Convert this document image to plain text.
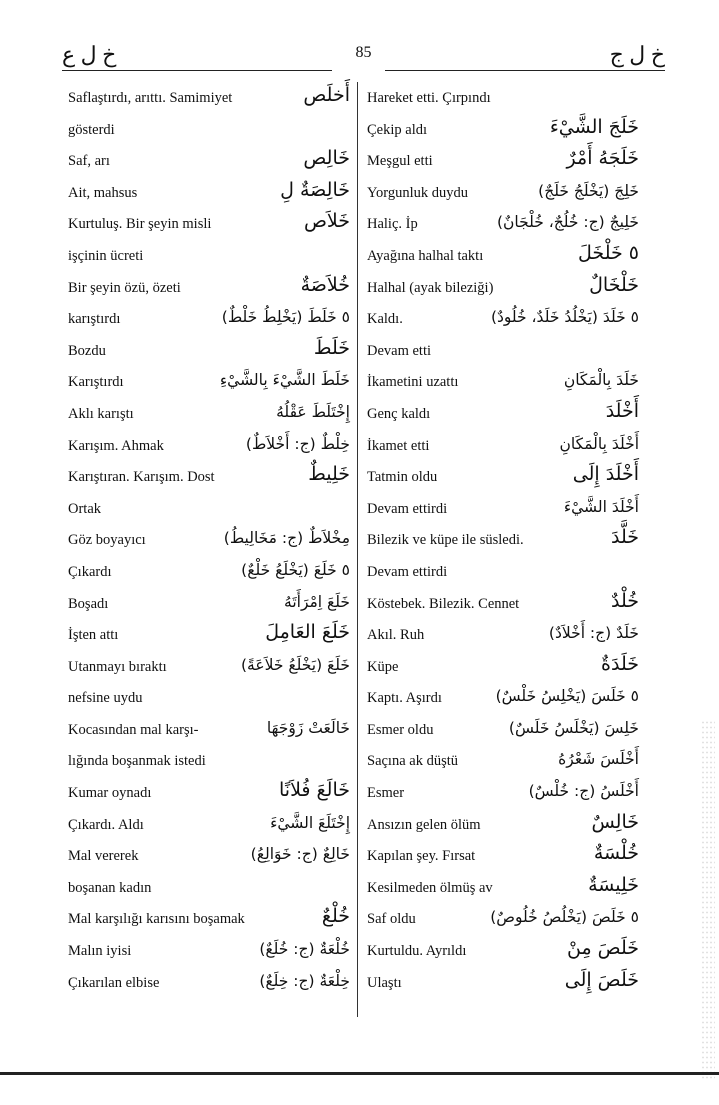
خ ل ع	85	خ ل ج
Saflaştırdı, arıttı. Samimiyet	أَخلَص
gösterdi
Saf, arı	خَالِص
Ait, mahsus	خَالِصَةٌ لِ
Kurtuluş. Bir şeyin misli	خَلاَص
işçinin ücreti
Bir şeyin özü, özeti	خُلاَصَةٌ
karıştırdı	٥ خَلَطَ (يَخْلِطُ خَلْطٌ)
Bozdu	خَلَطَ
Karıştırdı	خَلَطَ الشَّيْءَ بِالشَّيْءِ
Aklı karıştı	إِخْتَلَطَ عَقْلُهُ
Karışım. Ahmak	خِلْطٌ (ج: أَخْلاَطٌ)
Karıştıran. Karışım. Dost	خَلِيطٌ
Ortak
Göz boyayıcı	مِخْلاَطٌ (ج: مَخَالِيطُ)
Çıkardı	٥ خَلَعَ (يَخْلَعُ خَلْعٌ)
Boşadı	خَلَعَ اِمْرَأَتَهُ
İşten attı	خَلَعَ العَامِلَ
Utanmayı bıraktı	خَلَعَ (يَخْلَعُ خَلاَعَةً)
nefsine uydu
Kocasından mal karşı-	خَالَعَتْ زَوْجَهَا
lığında boşanmak istedi
Kumar oynadı	خَالَعَ فُلاَنًا
Çıkardı. Aldı	إِخْتَلَعَ الشَّيْءَ
Mal vererek	خَالِعٌ (ج: خَوَالِعُ)
boşanan kadın
Mal karşılığı karısını boşamak	خُلْعٌ
Malın iyisi	خُلْعَةٌ (ج: خُلَعٌ)
Çıkarılan elbise	خِلْعَةٌ (ج: خِلَعٌ)
Hareket etti. Çırpındı
Çekip aldı	خَلَجَ الشَّيْءَ
Meşgul etti	خَلَجَهُ أَمْرٌ
Yorgunluk duydu	خَلِجَ (يَخْلَجُ خَلَجٌ)
Haliç. İp	خَلِيجٌ (ج: خُلُجٌ، خُلْجَانٌ)
Ayağına halhal taktı	٥ خَلْخَلَ
Halhal (ayak bileziği)	خَلْخَالٌ
Kaldı.	٥ خَلَدَ (يَخْلُدُ خَلَدٌ، خُلُودٌ)
Devam etti
İkametini uzattı	خَلَدَ بِالْمَكَانِ
Genç kaldı	أَخْلَدَ
İkamet etti	أَخْلَدَ بِالْمَكَانِ
Tatmin oldu	أَخْلَدَ إِلَى
Devam ettirdi	أَخْلَدَ الشَّيْءَ
Bilezik ve küpe ile süsledi.	خَلَّدَ
Devam ettirdi
Köstebek. Bilezik. Cennet	خُلْدٌ
Akıl. Ruh	خَلَدٌ (ج: أَخْلاَدٌ)
Küpe	خَلَدَةٌ
Kaptı. Aşırdı	٥ خَلَسَ (يَخْلِسُ خَلْسٌ)
Esmer oldu	خَلِسَ (يَخْلَسُ خَلَسٌ)
Saçına ak düştü	أَخْلَسَ شَعْرُهُ
Esmer	أَخْلَسُ (ج: خُلْسٌ)
Ansızın gelen ölüm	خَالِسٌ
Kapılan şey. Fırsat	خُلْسَةٌ
Kesilmeden ölmüş av	خَلِيسَةٌ
Saf oldu	٥ خَلَصَ (يَخْلُصُ خُلُوصٌ)
Kurtuldu. Ayrıldı	خَلَصَ مِنْ
Ulaştı	خَلَصَ إِلَى
